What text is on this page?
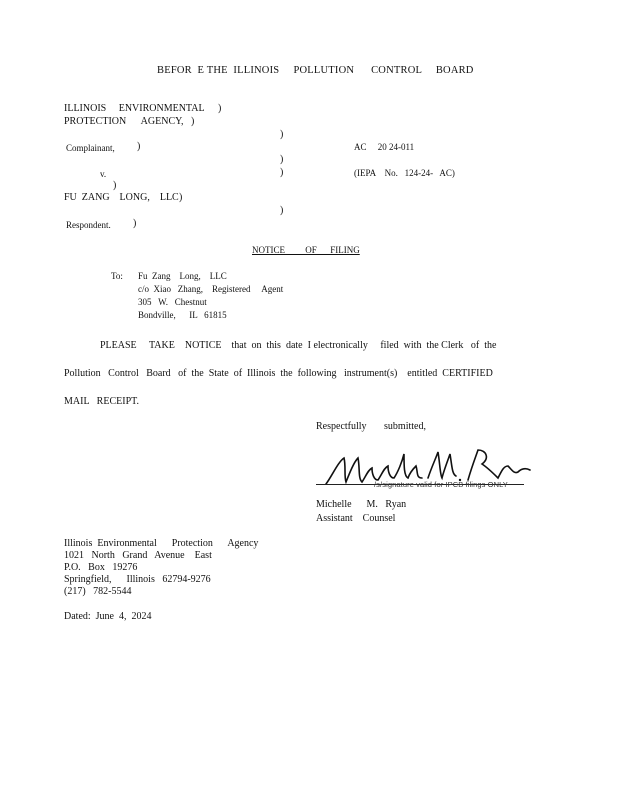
BEFOR  E THE  ILLINOIS     POLLUTION      CONTROL     BOARD
ILLINOIS     ENVIRONMENTAL )
PROTECTION      AGENCY, )
)
Complainant, )	AC     20 24-011
)
v.	)	(IEPA    No.   124-24-   AC)
)
FU  ZANG    LONG,    LLC )
)
Respondent. )
NOTICE         OF      FILING
To: Fu  Zang    Long,    LLC
c/o  Xiao   Zhang,    Registered     Agent
305   W.   Chestnut
Bondville,      IL   61815
PLEASE     TAKE    NOTICE    that  on  this  date  I electronically     filed  with  the Clerk   of  the
Pollution   Control   Board   of  the  State  of  Illinois  the  following   instrument(s)    entitled  CERTIFIED
MAIL   RECEIPT.
Respectfully       submitted,
/s/signature valid for IPCB filings ONLY
Michelle      M.   Ryan
Assistant    Counsel
Illinois  Environmental      Protection      Agency
1021   North   Grand   Avenue    East
P.O.   Box   19276
Springfield,      Illinois   62794-9276
(217)   782-5544
Dated:  June  4,  2024
